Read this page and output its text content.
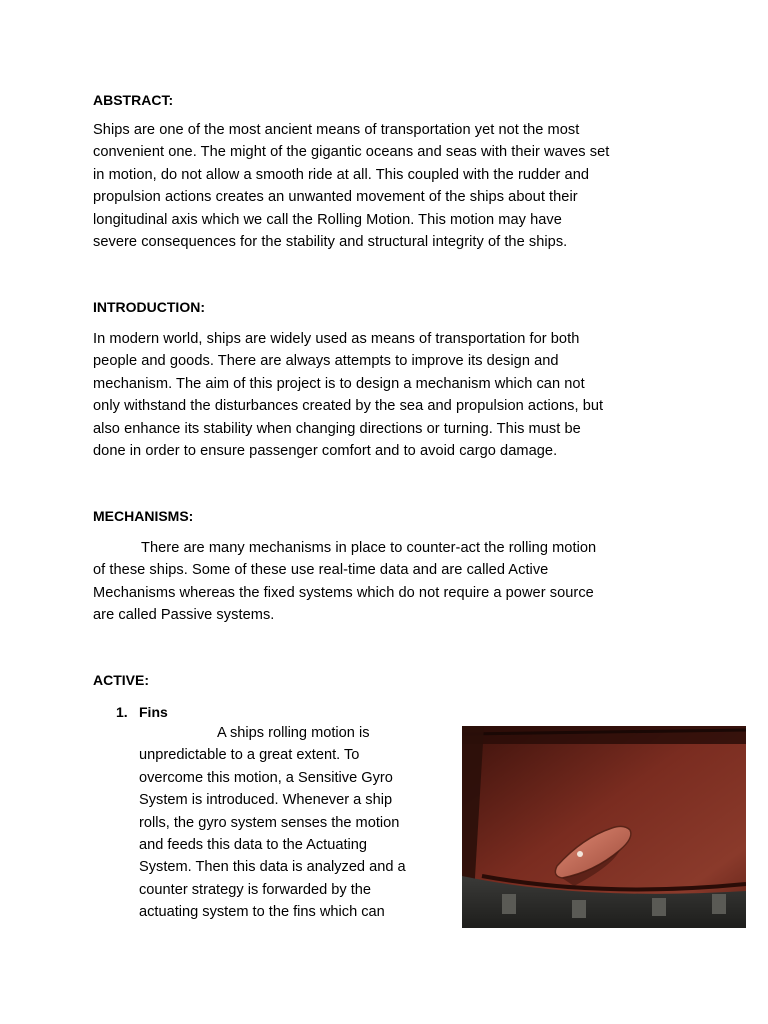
ABSTRACT:

Ships are one of the most ancient means of transportation yet not the most
convenient one. The might of the gigantic oceans and seas with their waves set
in motion, do not allow a smooth ride at all. This coupled with the rudder and
propulsion actions creates an unwanted movement of the ships about their
longitudinal axis which we call the Rolling Motion. This motion may have
severe consequences for the stability and structural integrity of the ships.

INTRODUCTION:

In modern world, ships are widely used as means of transportation for both
people and goods. There are always attempts to improve its design and
mechanism. The aim of this project is to design a mechanism which can not
only withstand the disturbances created by the sea and propulsion actions, but
also enhance its stability when changing directions or turning. This must be
done in order to ensure passenger comfort and to avoid cargo damage.

MECHANISMS:

There are many mechanisms in place to counter-act the rolling motion
of these ships. Some of these use real-time data and are called Active
Mechanisms whereas the fixed systems which do not require a power source
are called Passive systems.

ACTIVE:
1. Fins

A ships rolling motion is
unpredictable to a great extent. To
overcome this motion, a Sensitive Gyro
System is introduced. Whenever a ship
rolls, the gyro system senses the motion
and feeds this data to the Actuating
System. Then this data is analyzed and a
counter strategy is forwarded by the
actuating system to the fins which can
